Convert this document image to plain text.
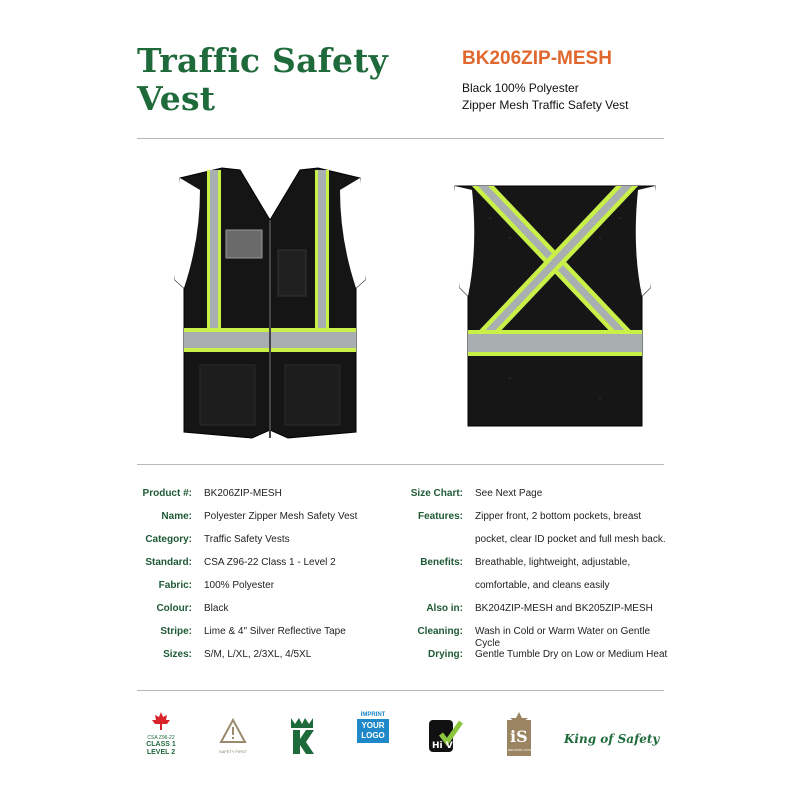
Traffic Safety
Vest
BK206ZIP-MESH
Black 100% Polyester
Zipper Mesh Traffic Safety Vest
Product #: BK206ZIP-MESH
Name: Polyester Zipper Mesh Safety Vest
Category: Traffic Safety Vests
Standard: CSA Z96-22 Class 1 - Level 2
Fabric: 100% Polyester
Colour: Black
Stripe: Lime & 4" Silver Reflective Tape
Sizes: S/M, L/XL, 2/3XL, 4/5XL
Size Chart: See Next Page
Features: Zipper front, 2 bottom pockets, breast
pocket, clear ID pocket and full mesh back.
Benefits: Breathable, lightweight, adjustable,
comfortable, and cleans easily
Also in: BK204ZIP-MESH and BK205ZIP-MESH
Cleaning: Wash in Cold or Warm Water on Gentle Cycle
Drying: Gentle Tumble Dry on Low or Medium Heat
CSA Z96-22
CLASS 1
LEVEL 2	SAFETY FIRST
IMPRINT
YOUR
LOGO
Hi Vis	iS
INDUSTRY STANDARD
King of Safety
